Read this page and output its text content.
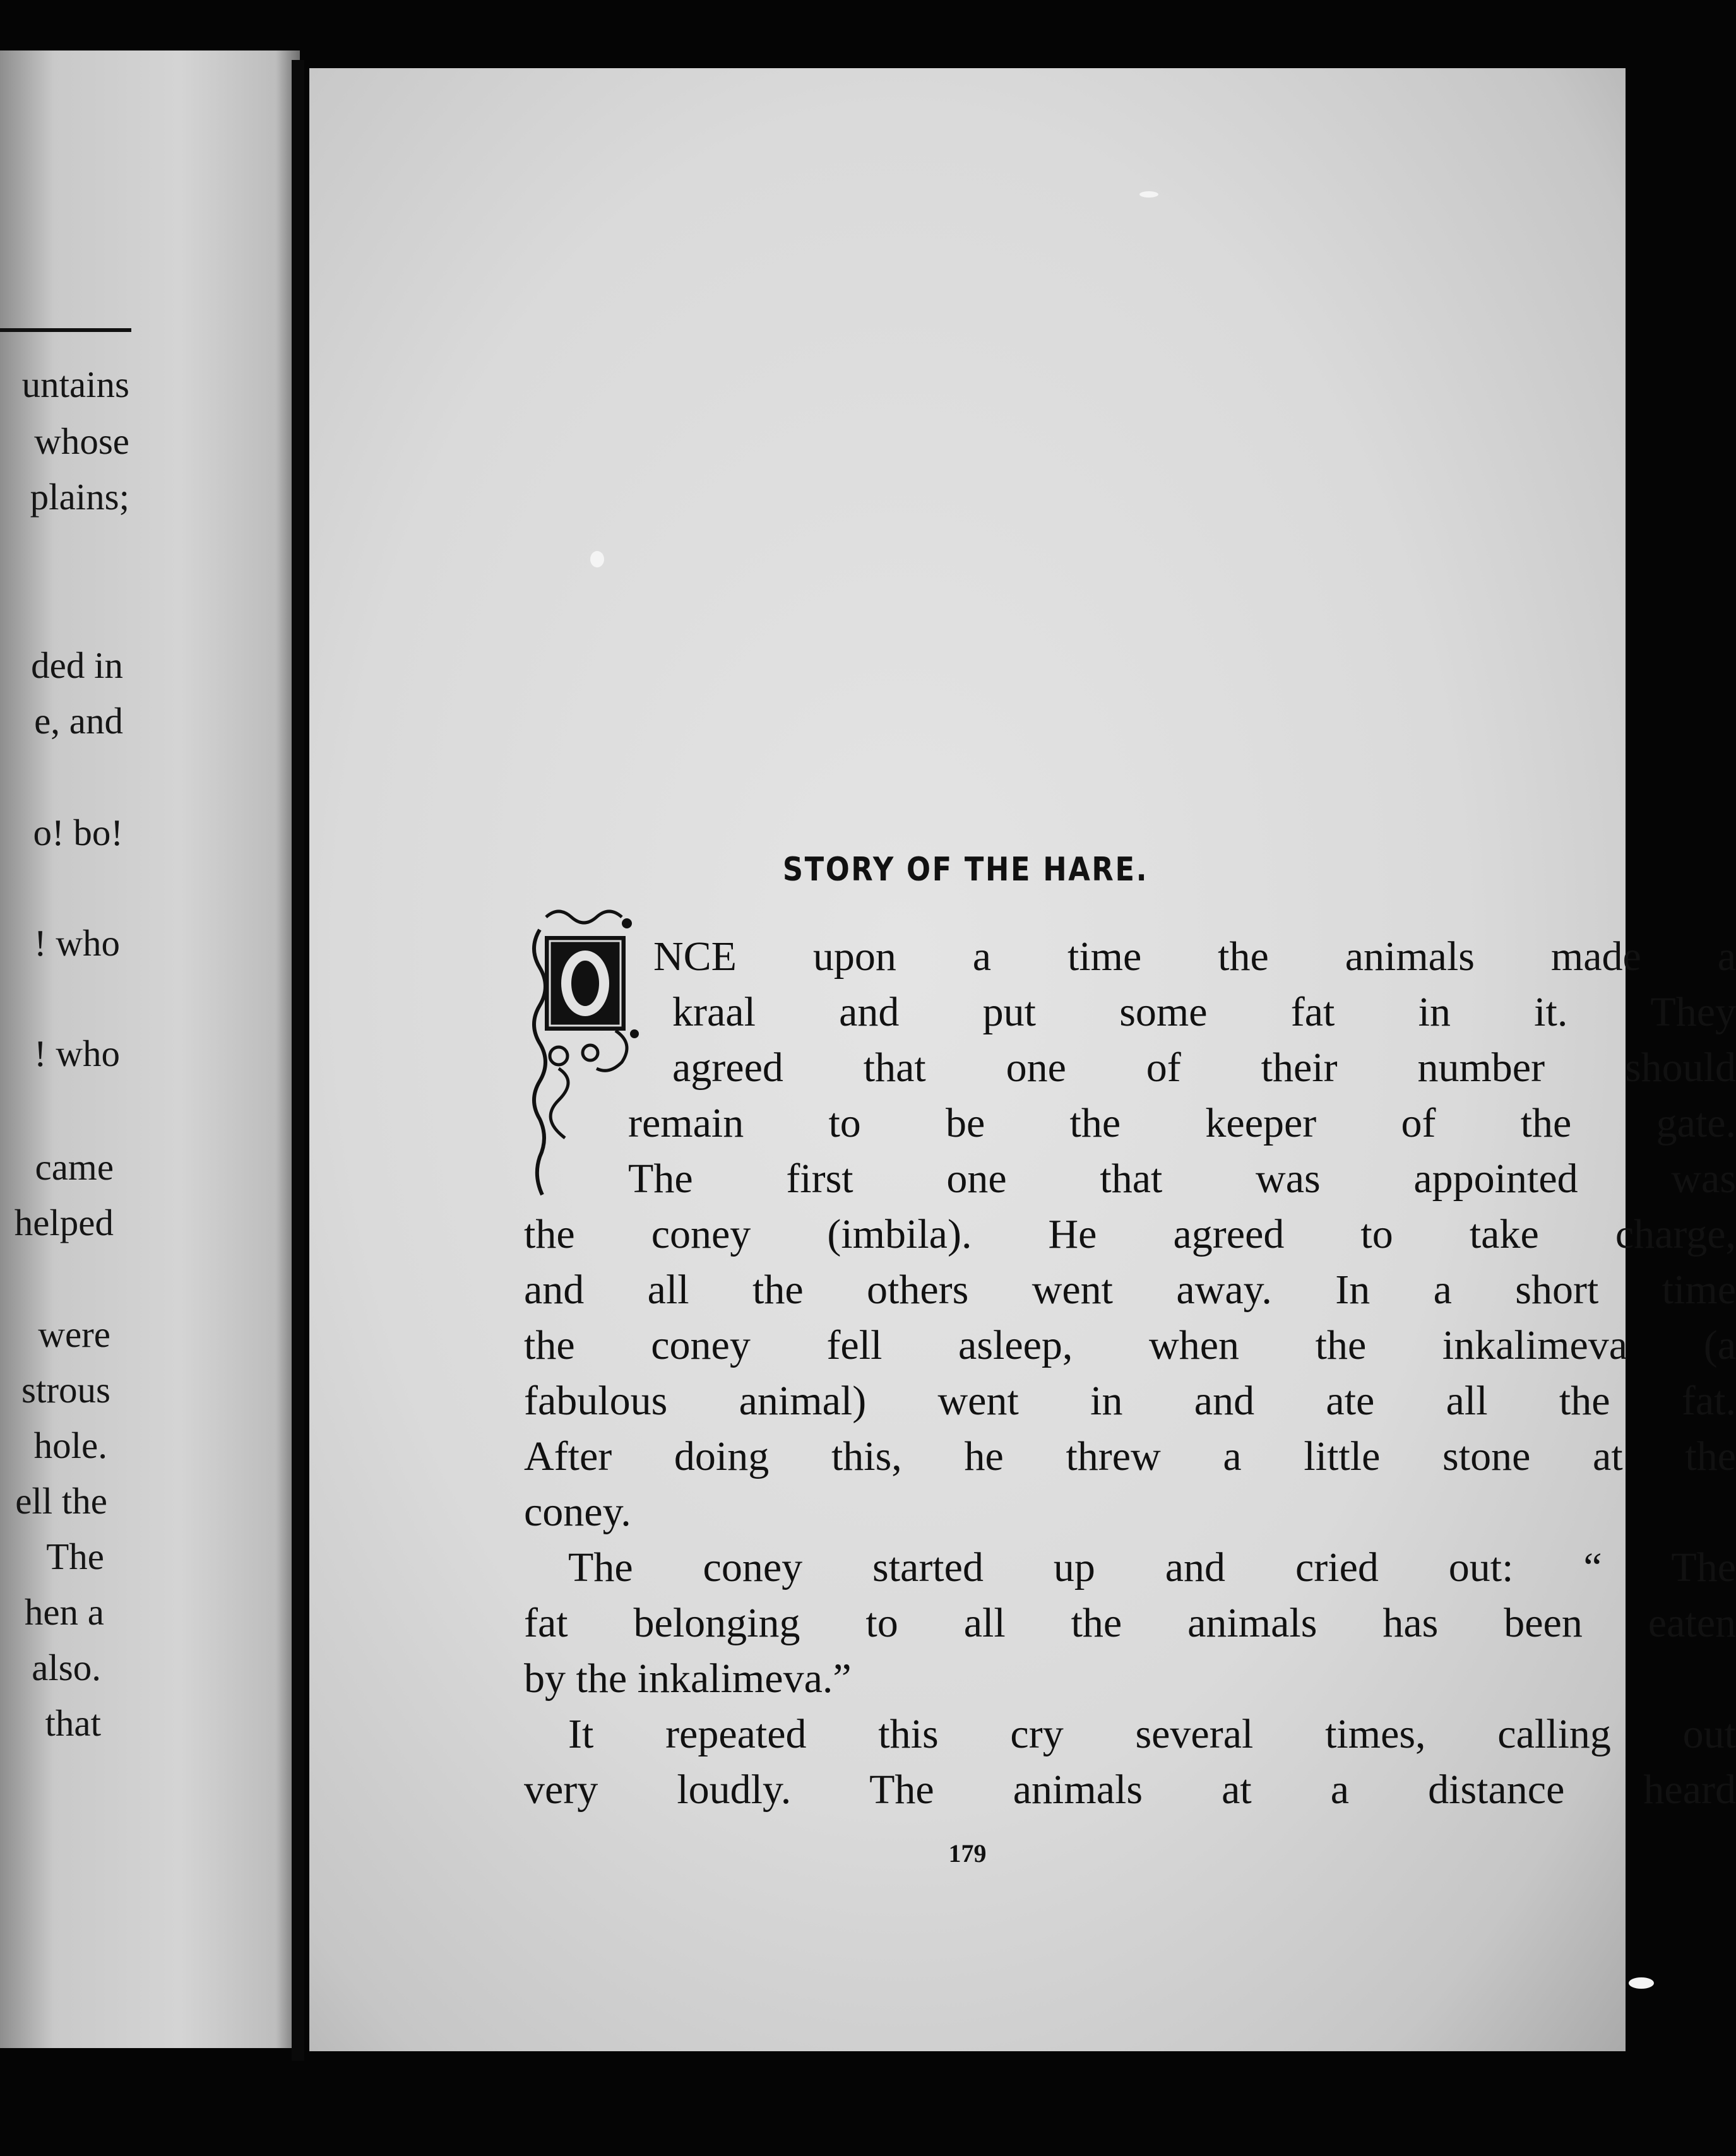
untains
whose
plains;
ded in
e, and
o! bo!
! who
! who
came
helped
were
strous
hole.
ell the
The
hen a
also.
that
STORY OF THE HARE.
NCE upon a time the animals made a
kraal and put some fat in it. They
agreed that one of their number should
remain to be the keeper of the gate.
The first one that was appointed was
the coney (imbila). He agreed to take charge,
and all the others went away. In a short time
the coney fell asleep, when the inkalimeva (a
fabulous animal) went in and ate all the fat.
After doing this, he threw a little stone at the
coney.
The coney started up and cried out: “ The
fat belonging to all the animals has been eaten
by the inkalimeva.”
It repeated this cry several times, calling out
very loudly. The animals at a distance heard
179
